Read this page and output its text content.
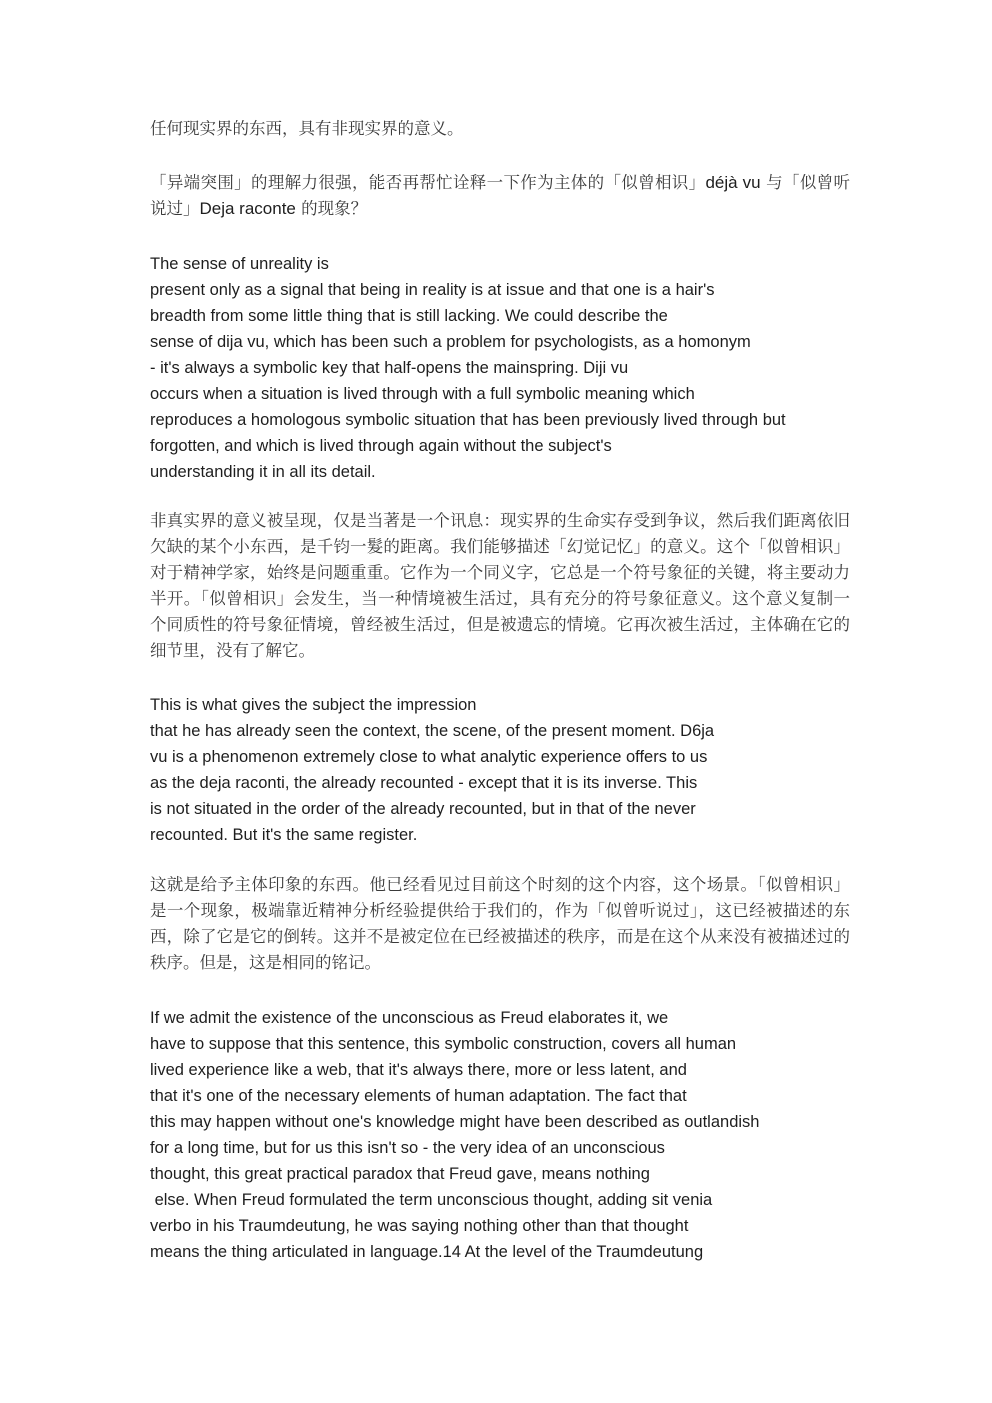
任何现实界的东西，具有非现实界的意义。

「异端突围」的理解力很强，能否再帮忙诠释一下作为主体的「似曾相识」déjà vu 与「似曾听说过」Deja raconte 的现象？

The sense of unreality is
present only as a signal that being in reality is at issue and that one is a hair's
breadth from some little thing that is still lacking. We could describe the
sense of dija vu, which has been such a problem for psychologists, as a homonym
- it's always a symbolic key that half-opens the mainspring. Diji vu
occurs when a situation is lived through with a full symbolic meaning which
reproduces a homologous symbolic situation that has been previously lived through but
forgotten, and which is lived through again without the subject's
understanding it in all its detail.

非真实界的意义被呈现，仅是当著是一个讯息：现实界的生命实存受到争议，然后我们距离依旧欠缺的某个小东西，是千钧一髮的距离。我们能够描述「幻觉记忆」的意义。这个「似曾相识」对于精神学家，始终是问题重重。它作为一个同义字，它总是一个符号象征的关键，将主要动力半开。「似曾相识」会发生，当一种情境被生活过，具有充分的符号象征意义。这个意义复制一个同质性的符号象征情境，曾经被生活过，但是被遗忘的情境。它再次被生活过，主体确在它的细节里，没有了解它。

This is what gives the subject the impression
that he has already seen the context, the scene, of the present moment. D6ja
vu is a phenomenon extremely close to what analytic experience offers to us
as the deja raconti, the already recounted - except that it is its inverse. This
is not situated in the order of the already recounted, but in that of the never
recounted. But it's the same register.

这就是给予主体印象的东西。他已经看见过目前这个时刻的这个内容，这个场景。「似曾相识」是一个现象，极端靠近精神分析经验提供给于我们的，作为「似曾听说过」，这已经被描述的东西，除了它是它的倒转。这并不是被定位在已经被描述的秩序，而是在这个从来没有被描述过的秩序。但是，这是相同的铭记。

If we admit the existence of the unconscious as Freud elaborates it, we
have to suppose that this sentence, this symbolic construction, covers all human
lived experience like a web, that it's always there, more or less latent, and
that it's one of the necessary elements of human adaptation. The fact that
this may happen without one's knowledge might have been described as outlandish
for a long time, but for us this isn't so - the very idea of an unconscious
thought, this great practical paradox that Freud gave, means nothing
else. When Freud formulated the term unconscious thought, adding sit venia
verbo in his Traumdeutung, he was saying nothing other than that thought
means the thing articulated in language.14 At the level of the Traumdeutung
